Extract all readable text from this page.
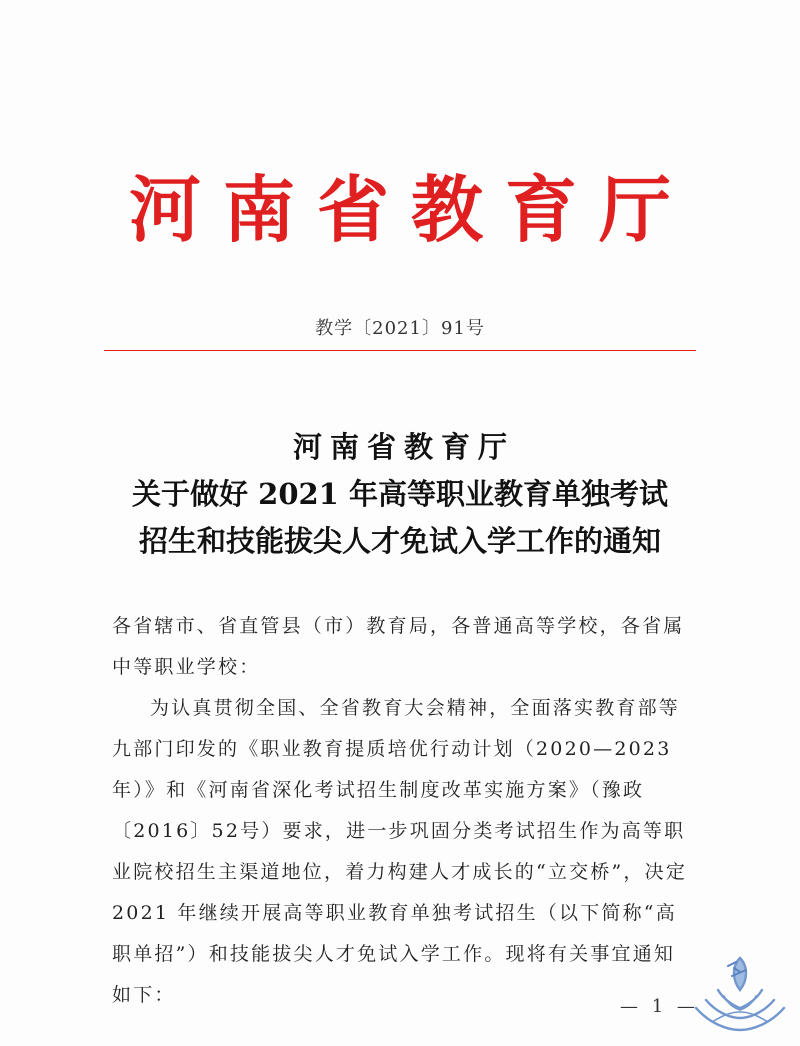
河南省教育厅
教学〔2021〕91号
河南省教育厅
关于做好 2021 年高等职业教育单独考试
招生和技能拔尖人才免试入学工作的通知

各省辖市、省直管县（市）教育局，各普通高等学校，各省属中等职业学校：

为认真贯彻全国、全省教育大会精神，全面落实教育部等九部门印发的《职业教育提质培优行动计划（2020—2023年）》和《河南省深化考试招生制度改革实施方案》（豫政〔2016〕52号）要求，进一步巩固分类考试招生作为高等职业院校招生主渠道地位，着力构建人才成长的“立交桥”，决定 2021 年继续开展高等职业教育单独考试招生（以下简称“高职单招”）和技能拔尖人才免试入学工作。现将有关事宜通知如下：

— 1 —
